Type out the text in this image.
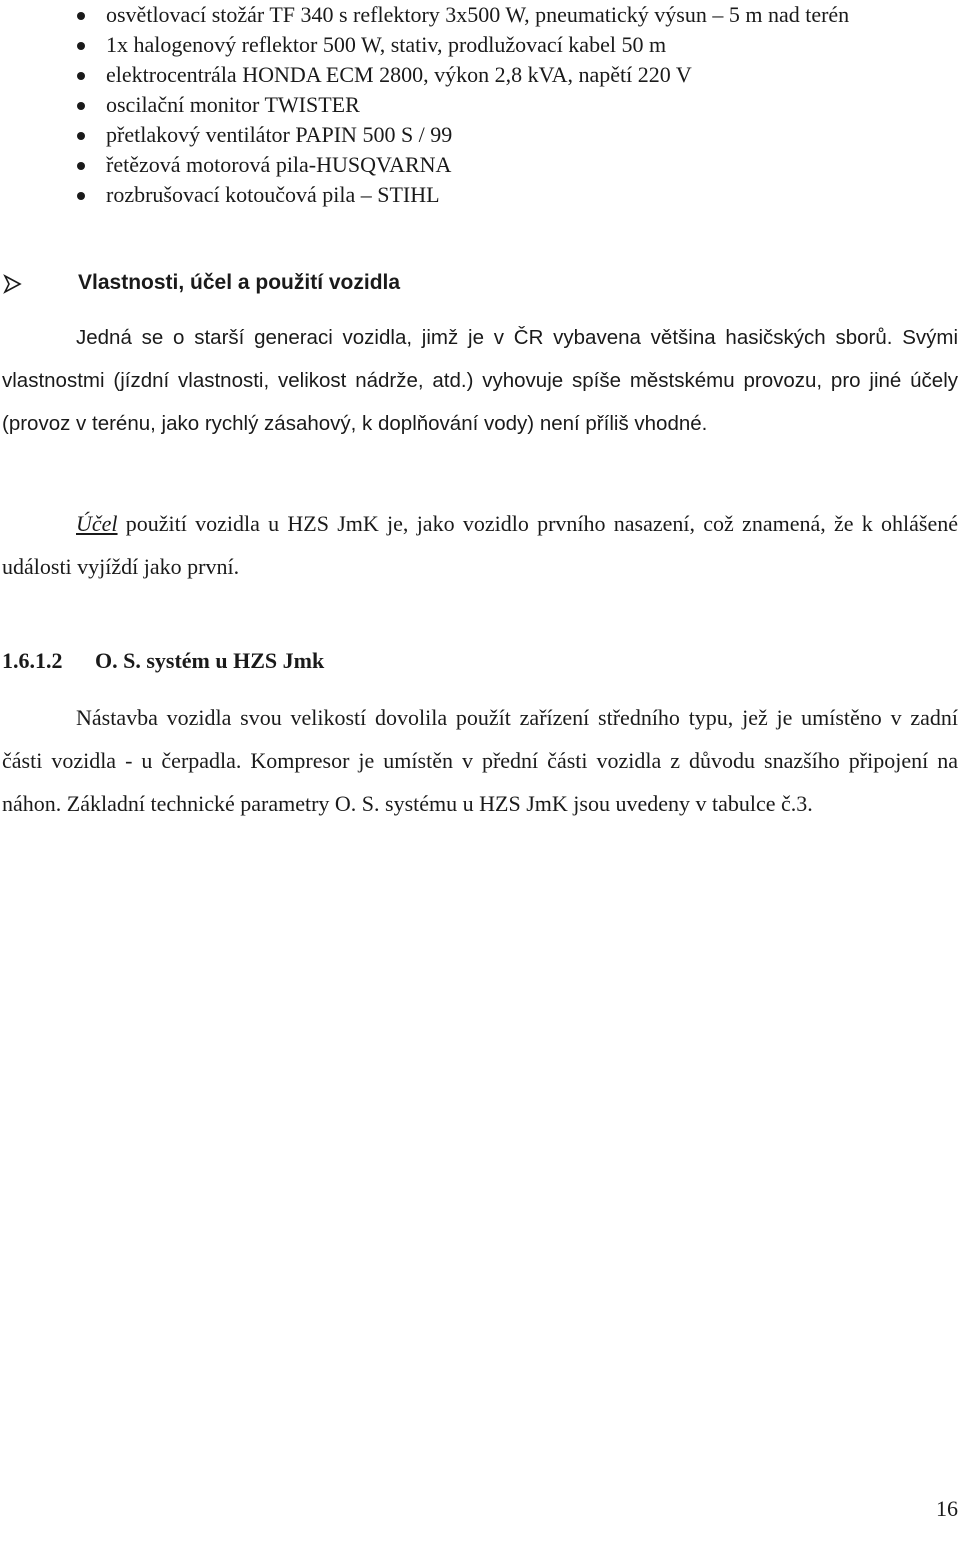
osvětlovací stožár TF 340 s reflektory 3x500 W, pneumatický výsun – 5 m nad terén
1x halogenový reflektor 500 W, stativ, prodlužovací kabel 50 m
elektrocentrála HONDA ECM 2800, výkon 2,8 kVA, napětí 220 V
oscilační monitor TWISTER
přetlakový ventilátor PAPIN 500 S / 99
řetězová motorová pila-HUSQVARNA
rozbrušovací kotoučová pila – STIHL
Vlastnosti, účel a použití vozidla

Jedná se o starší generaci vozidla, jimž je v ČR vybavena většina hasičských sborů. Svými vlastnostmi (jízdní vlastnosti, velikost nádrže, atd.) vyhovuje spíše městskému provozu, pro jiné účely (provoz v terénu, jako rychlý zásahový, k doplňování vody) není příliš vhodné.

Účel použití vozidla u HZS JmK je, jako vozidlo prvního nasazení, což znamená, že k ohlášené události vyjíždí jako první.

1.6.1.2 O. S. systém u HZS Jmk

Nástavba vozidla svou velikostí dovolila použít zařízení středního typu, jež je umístěno v zadní části vozidla - u čerpadla. Kompresor je umístěn v přední části vozidla z důvodu snazšího připojení na náhon. Základní technické parametry O. S. systému u HZS JmK jsou uvedeny v tabulce č.3.

16
